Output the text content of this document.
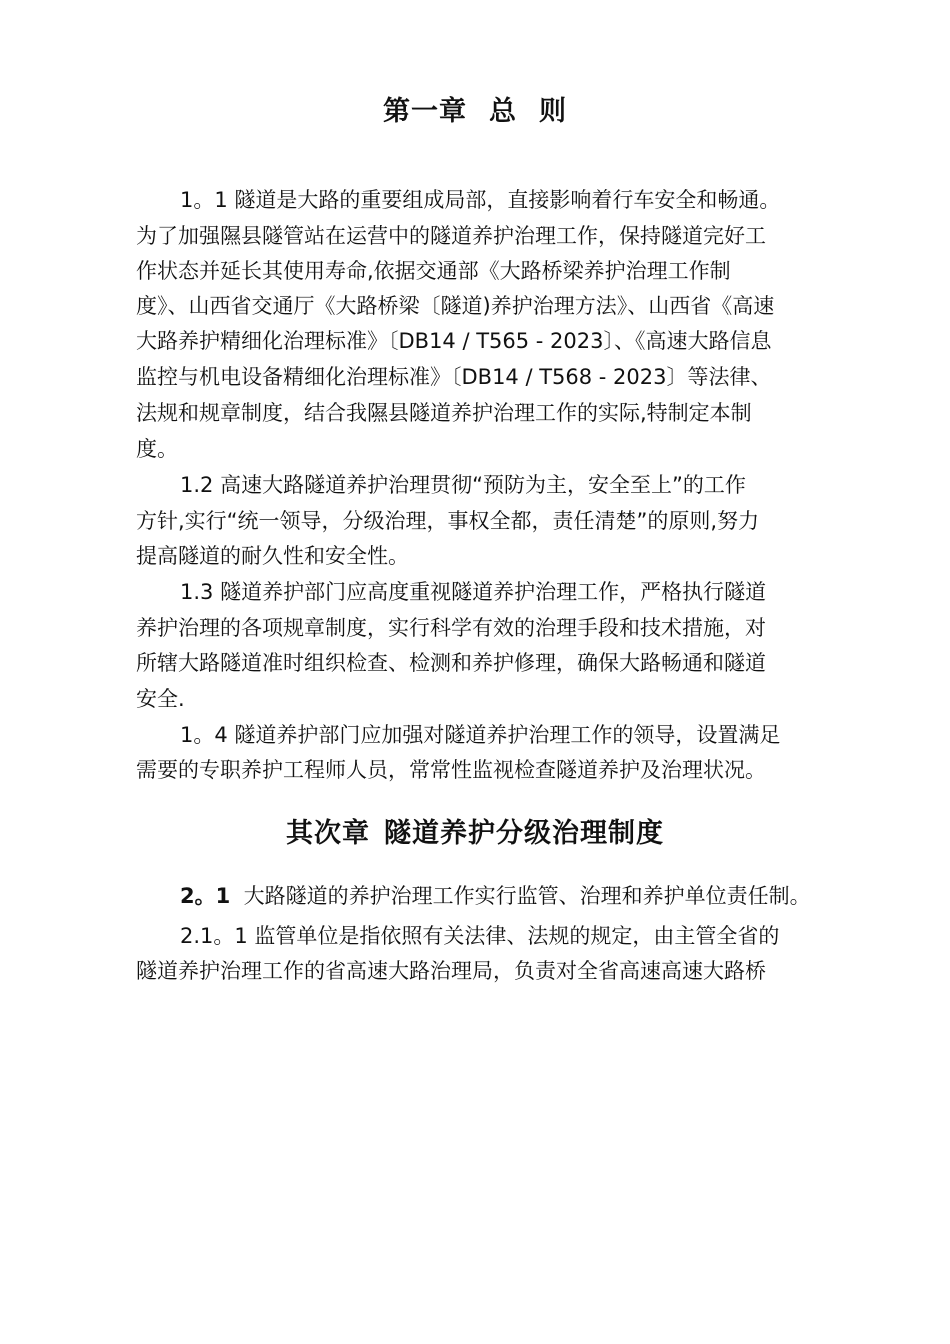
第一章 总 则

1。1 隧道是大路的重要组成局部，直接影响着行车安全和畅通。

为了加强隰县隧管站在运营中的隧道养护治理工作，保持隧道完好工

作状态并延长其使用寿命,依据交通部《大路桥梁养护治理工作制

度》、山西省交通厅《大路桥梁〔隧道)养护治理方法》、山西省《高速

大路养护精细化治理标准》〔DB14 / T565 - 2023〕、《高速大路信息

监控与机电设备精细化治理标准》〔DB14 / T568 - 2023〕等法律、

法规和规章制度，结合我隰县隧道养护治理工作的实际,特制定本制

度。

1.2 高速大路隧道养护治理贯彻“预防为主，安全至上”的工作

方针,实行“统一领导，分级治理，事权全都，责任清楚”的原则,努力

提高隧道的耐久性和安全性。

1.3 隧道养护部门应高度重视隧道养护治理工作，严格执行隧道

养护治理的各项规章制度，实行科学有效的治理手段和技术措施，对

所辖大路隧道准时组织检查、检测和养护修理，确保大路畅通和隧道

安全.

1。4 隧道养护部门应加强对隧道养护治理工作的领导，设置满足

需要的专职养护工程师人员，常常性监视检查隧道养护及治理状况。

其次章 隧道养护分级治理制度

2。1 大路隧道的养护治理工作实行监管、治理和养护单位责任制。

2.1。1 监管单位是指依照有关法律、法规的规定，由主管全省的

隧道养护治理工作的省高速大路治理局，负责对全省高速高速大路桥
